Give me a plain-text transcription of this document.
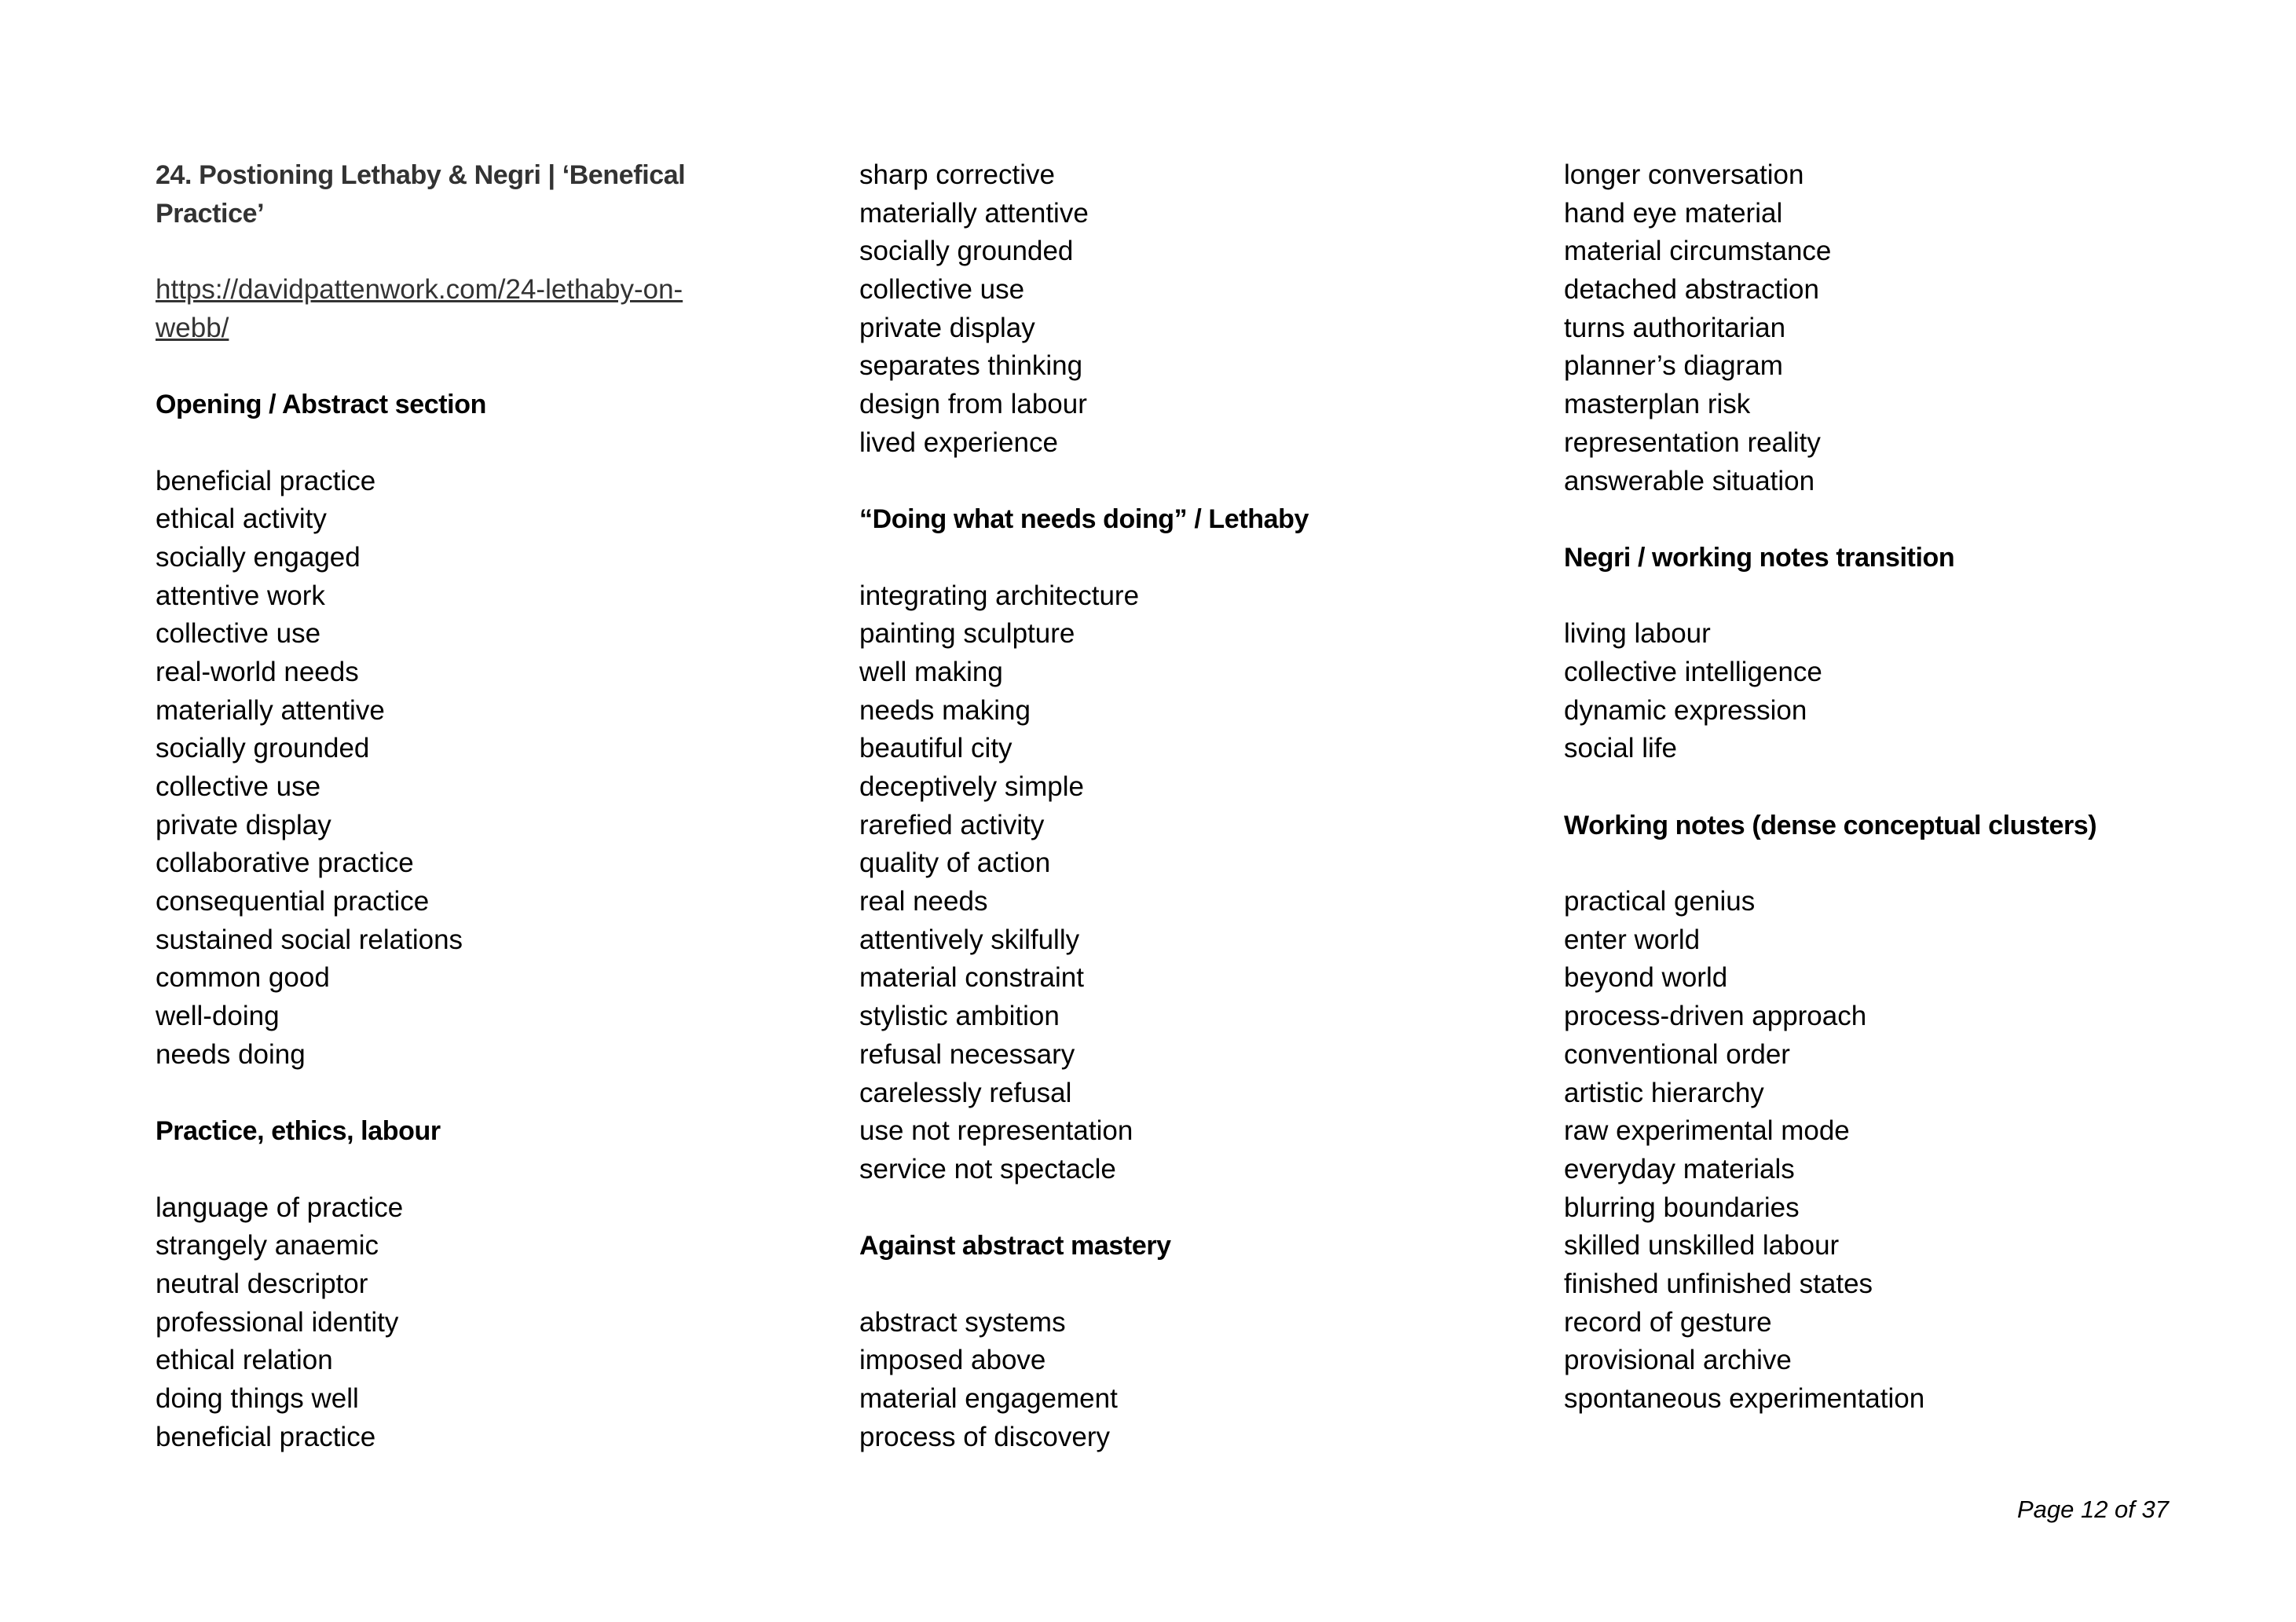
24. Postioning Lethaby & Negri | ‘Benefical Practice’
https://davidpattenwork.com/24-lethaby-on-
webb/
Opening / Abstract section
beneficial practice
ethical activity
socially engaged
attentive work
collective use
real-world needs
materially attentive
socially grounded
collective use
private display
collaborative practice
consequential practice
sustained social relations
common good
well-doing
needs doing
Practice, ethics, labour
language of practice
strangely anaemic
neutral descriptor
professional identity
ethical relation
doing things well
beneficial practice
sharp corrective
materially attentive
socially grounded
collective use
private display
separates thinking
design from labour
lived experience
“Doing what needs doing” / Lethaby
integrating architecture
painting sculpture
well making
needs making
beautiful city
deceptively simple
rarefied activity
quality of action
real needs
attentively skilfully
material constraint
stylistic ambition
refusal necessary
carelessly refusal
use not representation
service not spectacle
Against abstract mastery
abstract systems
imposed above
material engagement
process of discovery
longer conversation
hand eye material
material circumstance
detached abstraction
turns authoritarian
planner’s diagram
masterplan risk
representation reality
answerable situation
Negri / working notes transition
living labour
collective intelligence
dynamic expression
social life
Working notes (dense conceptual clusters)
practical genius
enter world
beyond world
process-driven approach
conventional order
artistic hierarchy
raw experimental mode
everyday materials
blurring boundaries
skilled unskilled labour
finished unfinished states
record of gesture
provisional archive
spontaneous experimentation
Page 12 of 37
